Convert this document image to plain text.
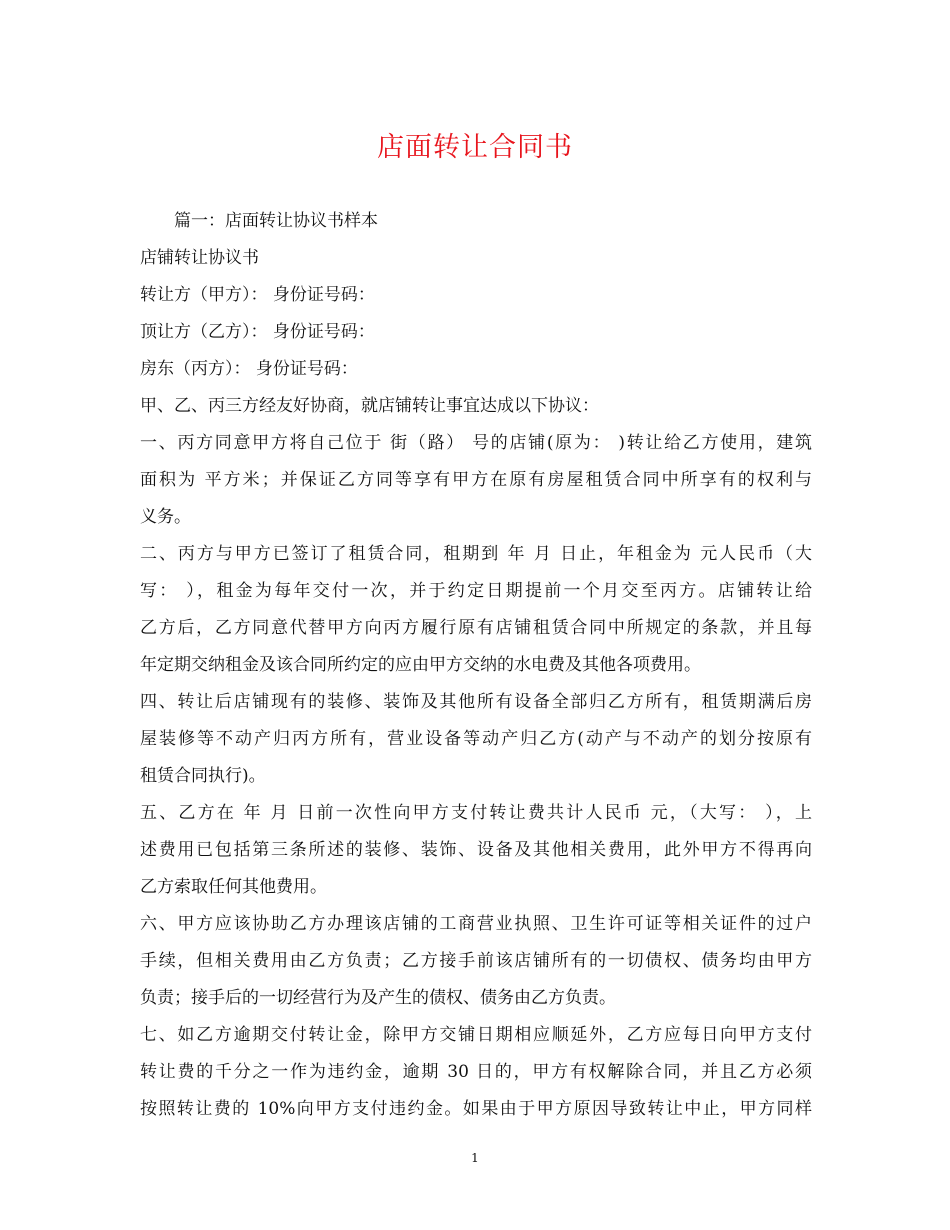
店面转让合同书
篇一：店面转让协议书样本
店铺转让协议书
转让方（甲方）： 身份证号码：
顶让方（乙方）： 身份证号码：
房东（丙方）： 身份证号码：
甲、乙、丙三方经友好协商，就店铺转让事宜达成以下协议：
一、丙方同意甲方将自己位于 街（路） 号的店铺(原为： )转让给乙方使用，建筑
面积为 平方米；并保证乙方同等享有甲方在原有房屋租赁合同中所享有的权利与
义务。
二、丙方与甲方已签订了租赁合同，租期到 年 月 日止，年租金为 元人民币（大
写： ），租金为每年交付一次，并于约定日期提前一个月交至丙方。店铺转让给
乙方后，乙方同意代替甲方向丙方履行原有店铺租赁合同中所规定的条款，并且每
年定期交纳租金及该合同所约定的应由甲方交纳的水电费及其他各项费用。
四、转让后店铺现有的装修、装饰及其他所有设备全部归乙方所有，租赁期满后房
屋装修等不动产归丙方所有，营业设备等动产归乙方(动产与不动产的划分按原有
租赁合同执行)。
五、乙方在 年 月 日前一次性向甲方支付转让费共计人民币 元，（大写： ），上
述费用已包括第三条所述的装修、装饰、设备及其他相关费用，此外甲方不得再向
乙方索取任何其他费用。
六、甲方应该协助乙方办理该店铺的工商营业执照、卫生许可证等相关证件的过户
手续，但相关费用由乙方负责；乙方接手前该店铺所有的一切债权、债务均由甲方
负责；接手后的一切经营行为及产生的债权、债务由乙方负责。
七、如乙方逾期交付转让金，除甲方交铺日期相应顺延外，乙方应每日向甲方支付
转让费的千分之一作为违约金，逾期 30 日的，甲方有权解除合同，并且乙方必须
按照转让费的 10%向甲方支付违约金。如果由于甲方原因导致转让中止，甲方同样
1
